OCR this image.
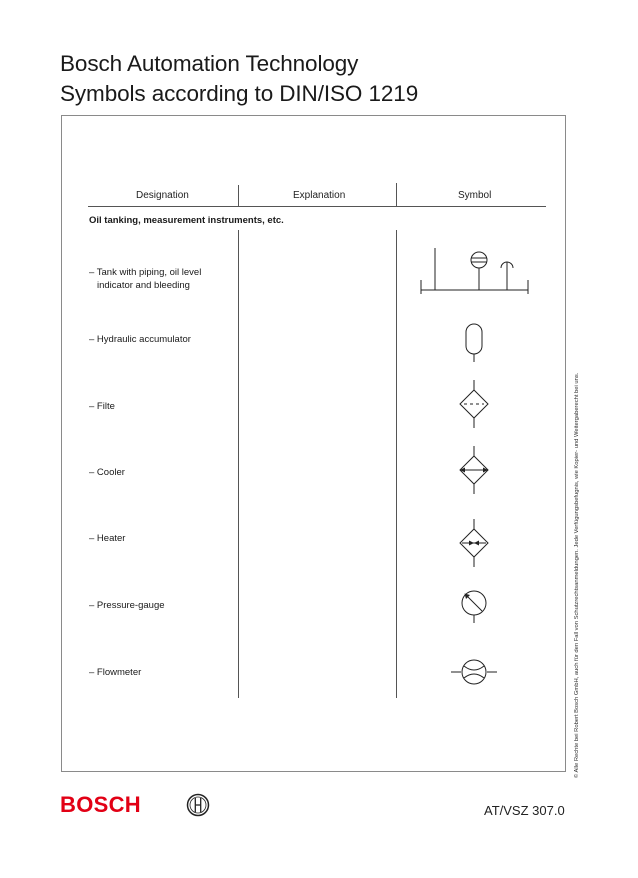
Bosch Automation Technology
Symbols according to DIN/ISO 1219
Designation	Explanation	Symbol
Oil tanking, measurement instruments, etc.
– Tank with piping, oil level
indicator and bleeding
– Hydraulic accumulator
– Filte
– Cooler
– Heater
– Pressure-gauge
– Flowmeter	© Alle Rechte bei Robert Bosch GmbH, auch für den Fall von Schutzrechtsanmeldungen. Jede Verfügungsbefugnis, wie Kopier- und Weitergaberecht bei uns.
BOSCH	AT/VSZ 307.0
